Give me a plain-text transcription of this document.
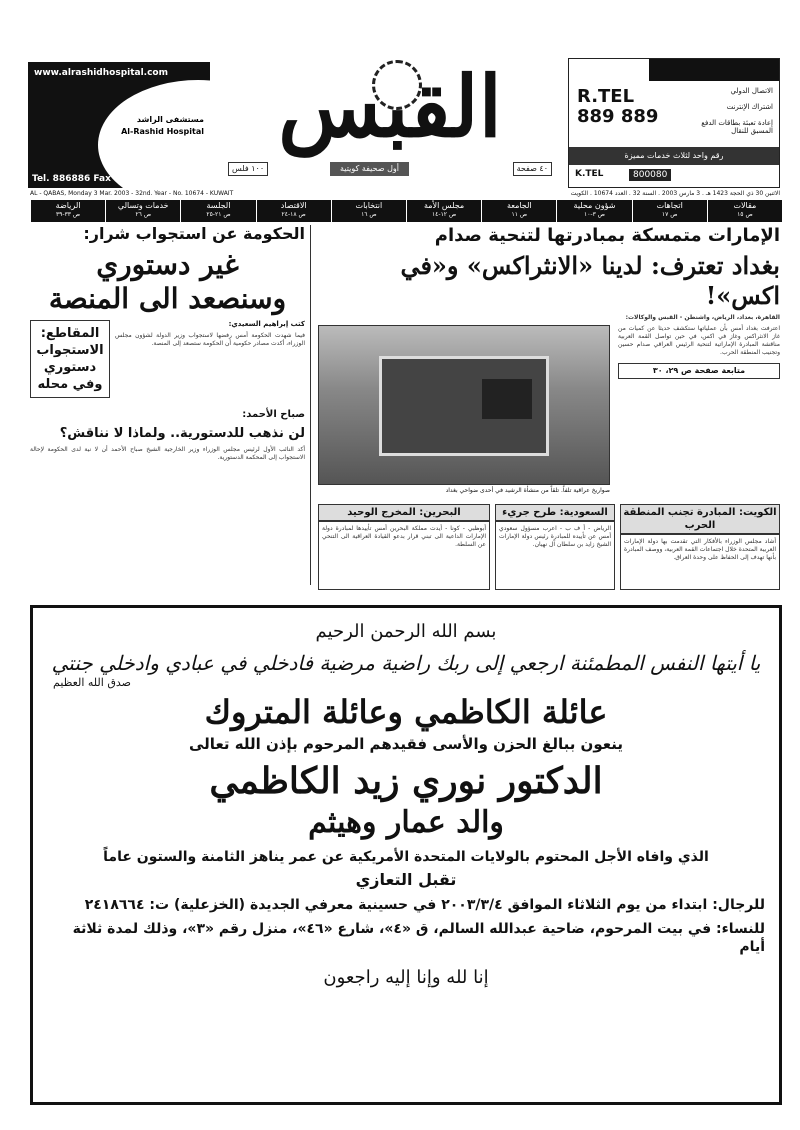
www.alrashidhospital.com
مستشفى الراشد
Al-Rashid Hospital
Tel. 886886 Fax 5652233
AL - QABAS, Monday 3 Mar. 2003 - 32nd. Year - No. 10674 - KUWAIT
القبس
١٠٠ فلس	أول صحيفة كويتية	٤٠ صفحة
R.TEL
889 889
الاتصال الدولي
اشتراك الإنترنت
إعادة تعبئة بطاقات الدفع المسبق للنقال
رقم واحد لثلاث خدمات مميزة
K.TEL	800080
الاثنين 30 ذي الحجة 1423 هـ . 3 مارس 2003 . السنة 32 . العدد 10674 . الكويت
مقالات
ص ١٥
اتجاهات
ص ١٧
شؤون محلية
ص ٣-١٠
الجامعة
ص ١١
مجلس الأمة
ص ١٢-١٤
انتخابات
ص ١٦
الاقتصاد
ص ١٨-٢٤
الجلسة
ص ٢١-٢٥
خدمات وتسالي
ص ٢٦
الرياضة
ص ٣٣-٣٩
الإمارات متمسكة بمبادرتها لتنحية صدام
بغداد تعترف: لدينا «الانثراكس» و«في اكس»!
القاهرة، بغداد، الرياض، واشنطن - القبس والوكالات:
صواريخ عراقية تلفاً. تلقاً من منشأة الرشيد في أحدى ضواحي بغداد
اعترفت بغداد أمس بأن عملياتها ستكشف حديثا عن كميات من غاز الانثراكس وغاز في اكس، في حين تواصل القمة العربية مناقشة المبادرة الإماراتية لتنحية الرئيس العراقي صدام حسين وتجنيب المنطقة الحرب.
متابعة صفحة ص ٢٩، ٣٠
الكويت: المبادرة تجنب المنطقة الحرب
أشاد مجلس الوزراء بالأفكار التي تقدمت بها دولة الإمارات العربية المتحدة خلال اجتماعات القمة العربية، ووصف المبادرة بأنها تهدف إلى الحفاظ على وحدة العراق.
السعودية: طرح جريء
الرياض - أ ف ب - اعرب مسؤول سعودي أمس عن تأييده للمبادرة رئيس دولة الإمارات الشيخ زايد بن سلطان آل نهيان.
البحرين: المخرج الوحيد
أبوظبي - كونا - أيدت مملكة البحرين أمس تأييدها لمبادرة دولة الإمارات الداعية الى تبني قرار بدعو القيادة العراقية الى التنحي عن السلطة.
الحكومة عن استجواب شرار:
غير دستوري
وسنصعد الى المنصة
المقاطع: الاستجواب دستوري وفي محله
كتب إبراهيم السعيدي:
فيما شهدت الحكومة أمس رفضها لاستجواب وزير الدولة لشؤون مجلس الوزراء، أكدت مصادر حكومية أن الحكومة ستصعد إلى المنصة.
صباح الأحمد:
لن نذهب للدستورية.. ولماذا لا نناقش؟
أكد النائب الأول لرئيس مجلس الوزراء وزير الخارجية الشيخ صباح الأحمد أن لا نية لدى الحكومة لإحالة الاستجواب إلى المحكمة الدستورية.
بسم الله الرحمن الرحيم
يا أيتها النفس المطمئنة ارجعي إلى ربك راضية مرضية فادخلي في عبادي وادخلي جنتي
صدق الله العظيم
عائلة الكاظمي وعائلة المتروك
ينعون ببالغ الحزن والأسى فقيدهم المرحوم بإذن الله تعالى
الدكتور نوري زيد الكاظمي
والد عمار وهيثم
الذي وافاه الأجل المحتوم بالولايات المتحدة الأمريكية عن عمر يناهز الثامنة والستون عاماً
تقبل التعازي
للرجال: ابتداء من يوم الثلاثاء الموافق ٢٠٠٣/٣/٤ في حسينية معرفي الجديدة (الخزعلية) ت: ٢٤١٨٦٦٤
للنساء: في بيت المرحوم، ضاحية عبدالله السالم، ق «٤»، شارع «٤٦»، منزل رقم «٣»، وذلك لمدة ثلاثة أيام
إنا لله وإنا إليه راجعون
